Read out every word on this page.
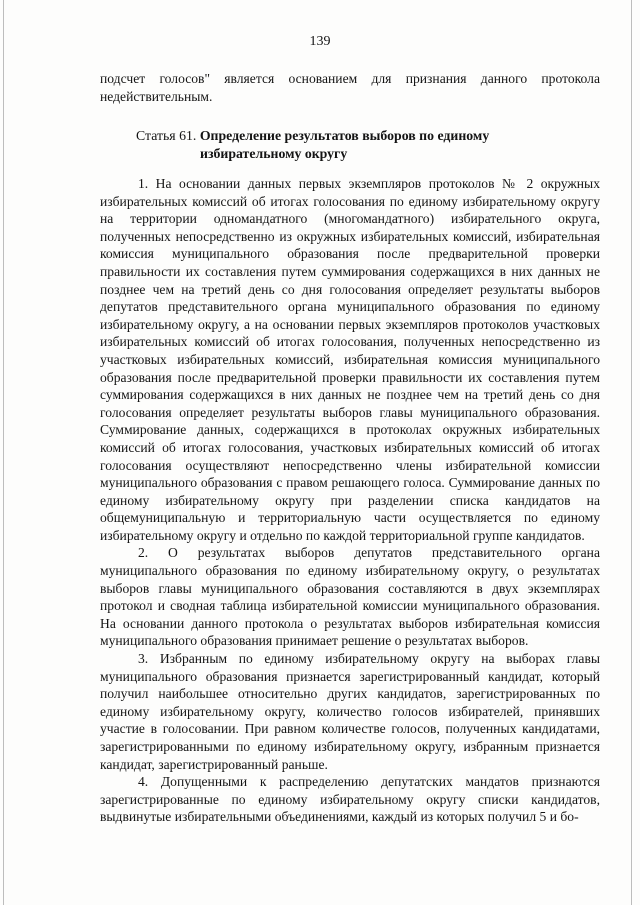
139

подсчет голосов" является основанием для признания данного протокола недействительным.

Статья 61. Определение результатов выборов по единому
избирательному округу

1. На основании данных первых экземпляров протоколов № 2 окружных избирательных комиссий об итогах голосования по единому избирательному округу на территории одномандатного (многомандатного) избирательного округа, полученных непосредственно из окружных избирательных комиссий, избирательная комиссия муниципального образования после предварительной проверки правильности их составления путем суммирования содержащихся в них данных не позднее чем на третий день со дня голосования определяет результаты выборов депутатов представительного органа муниципального образования по единому избирательному округу, а на основании первых экземпляров протоколов участковых избирательных комиссий об итогах голосования, полученных непосредственно из участковых избирательных комиссий, избирательная комиссия муниципального образования после предварительной проверки правильности их составления путем суммирования содержащихся в них данных не позднее чем на третий день со дня голосования определяет результаты выборов главы муниципального образования. Суммирование данных, содержащихся в протоколах окружных избирательных комиссий об итогах голосования, участковых избирательных комиссий об итогах голосования осуществляют непосредственно члены избирательной комиссии муниципального образования с правом решающего голоса. Суммирование данных по единому избирательному округу при разделении списка кандидатов на общемуниципальную и территориальную части осуществляется по единому избирательному округу и отдельно по каждой территориальной группе кандидатов.

2. О результатах выборов депутатов представительного органа муниципального образования по единому избирательному округу, о результатах выборов главы муниципального образования составляются в двух экземплярах протокол и сводная таблица избирательной комиссии муниципального образования. На основании данного протокола о результатах выборов избирательная комиссия муниципального образования принимает решение о результатах выборов.

3. Избранным по единому избирательному округу на выборах главы муниципального образования признается зарегистрированный кандидат, который получил наибольшее относительно других кандидатов, зарегистрированных по единому избирательному округу, количество голосов избирателей, принявших участие в голосовании. При равном количестве голосов, полученных кандидатами, зарегистрированными по единому избирательному округу, избранным признается кандидат, зарегистрированный раньше.

4. Допущенными к распределению депутатских мандатов признаются зарегистрированные по единому избирательному округу списки кандидатов, выдвинутые избирательными объединениями, каждый из которых получил 5 и бо-
